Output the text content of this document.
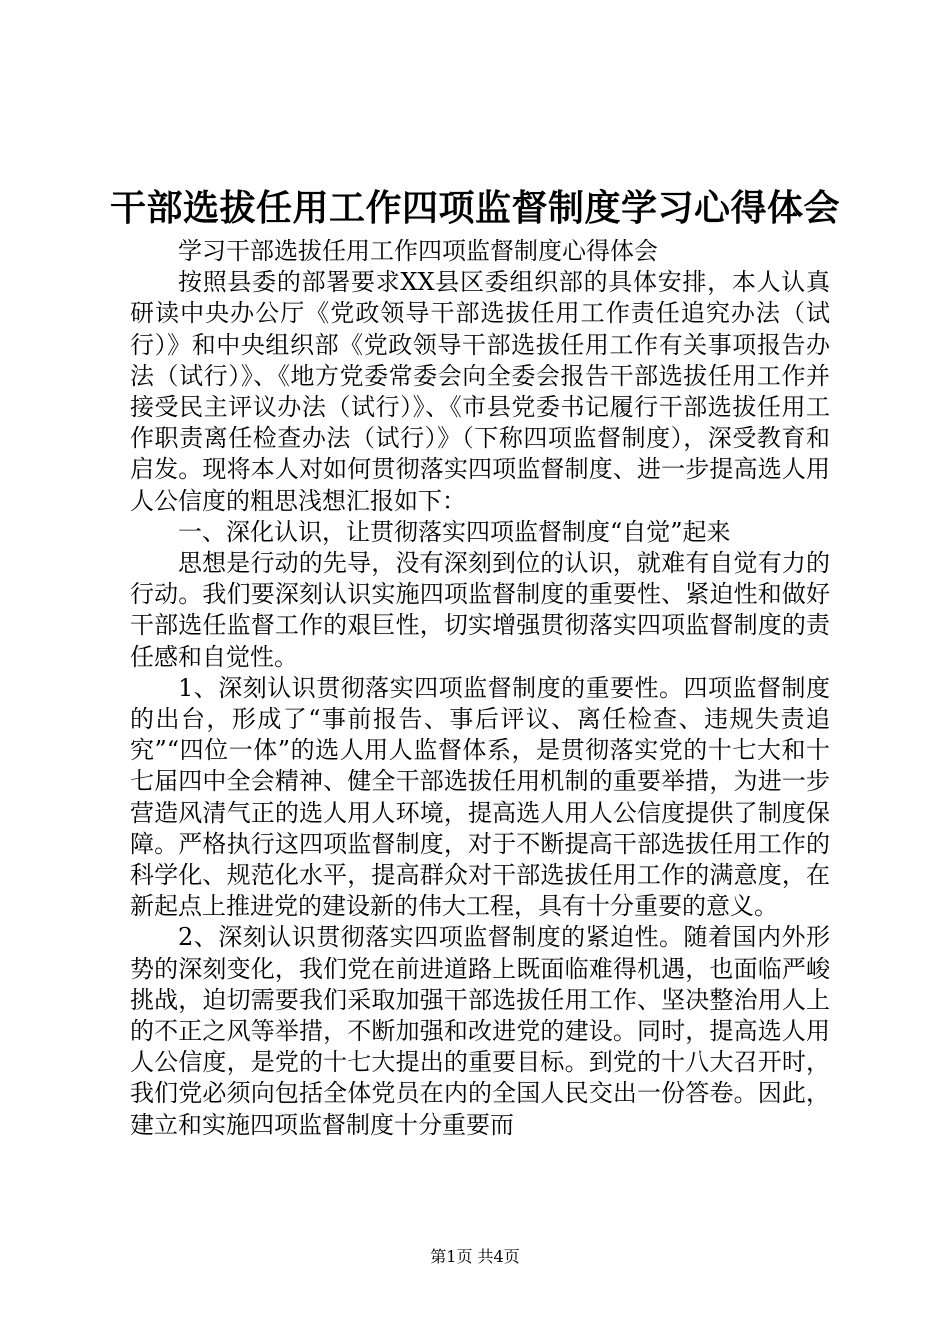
干部选拔任用工作四项监督制度学习心得体会

学习干部选拔任用工作四项监督制度心得体会

按照县委的部署要求XX县区委组织部的具体安排，本人认真研读中央办公厅《党政领导干部选拔任用工作责任追究办法（试行）》和中央组织部《党政领导干部选拔任用工作有关事项报告办法（试行）》、《地方党委常委会向全委会报告干部选拔任用工作并接受民主评议办法（试行）》、《市县党委书记履行干部选拔任用工作职责离任检查办法（试行）》（下称四项监督制度），深受教育和启发。现将本人对如何贯彻落实四项监督制度、进一步提高选人用人公信度的粗思浅想汇报如下：

一、深化认识，让贯彻落实四项监督制度“自觉”起来

思想是行动的先导，没有深刻到位的认识，就难有自觉有力的行动。我们要深刻认识实施四项监督制度的重要性、紧迫性和做好干部选任监督工作的艰巨性，切实增强贯彻落实四项监督制度的责任感和自觉性。

1、深刻认识贯彻落实四项监督制度的重要性。四项监督制度的出台，形成了“事前报告、事后评议、离任检查、违规失责追究”“四位一体”的选人用人监督体系，是贯彻落实党的十七大和十七届四中全会精神、健全干部选拔任用机制的重要举措，为进一步营造风清气正的选人用人环境，提高选人用人公信度提供了制度保障。严格执行这四项监督制度，对于不断提高干部选拔任用工作的科学化、规范化水平，提高群众对干部选拔任用工作的满意度，在新起点上推进党的建设新的伟大工程，具有十分重要的意义。

2、深刻认识贯彻落实四项监督制度的紧迫性。随着国内外形势的深刻变化，我们党在前进道路上既面临难得机遇，也面临严峻挑战，迫切需要我们采取加强干部选拔任用工作、坚决整治用人上的不正之风等举措，不断加强和改进党的建设。同时，提高选人用人公信度，是党的十七大提出的重要目标。到党的十八大召开时，我们党必须向包括全体党员在内的全国人民交出一份答卷。因此，建立和实施四项监督制度十分重要而

第1页 共4页
